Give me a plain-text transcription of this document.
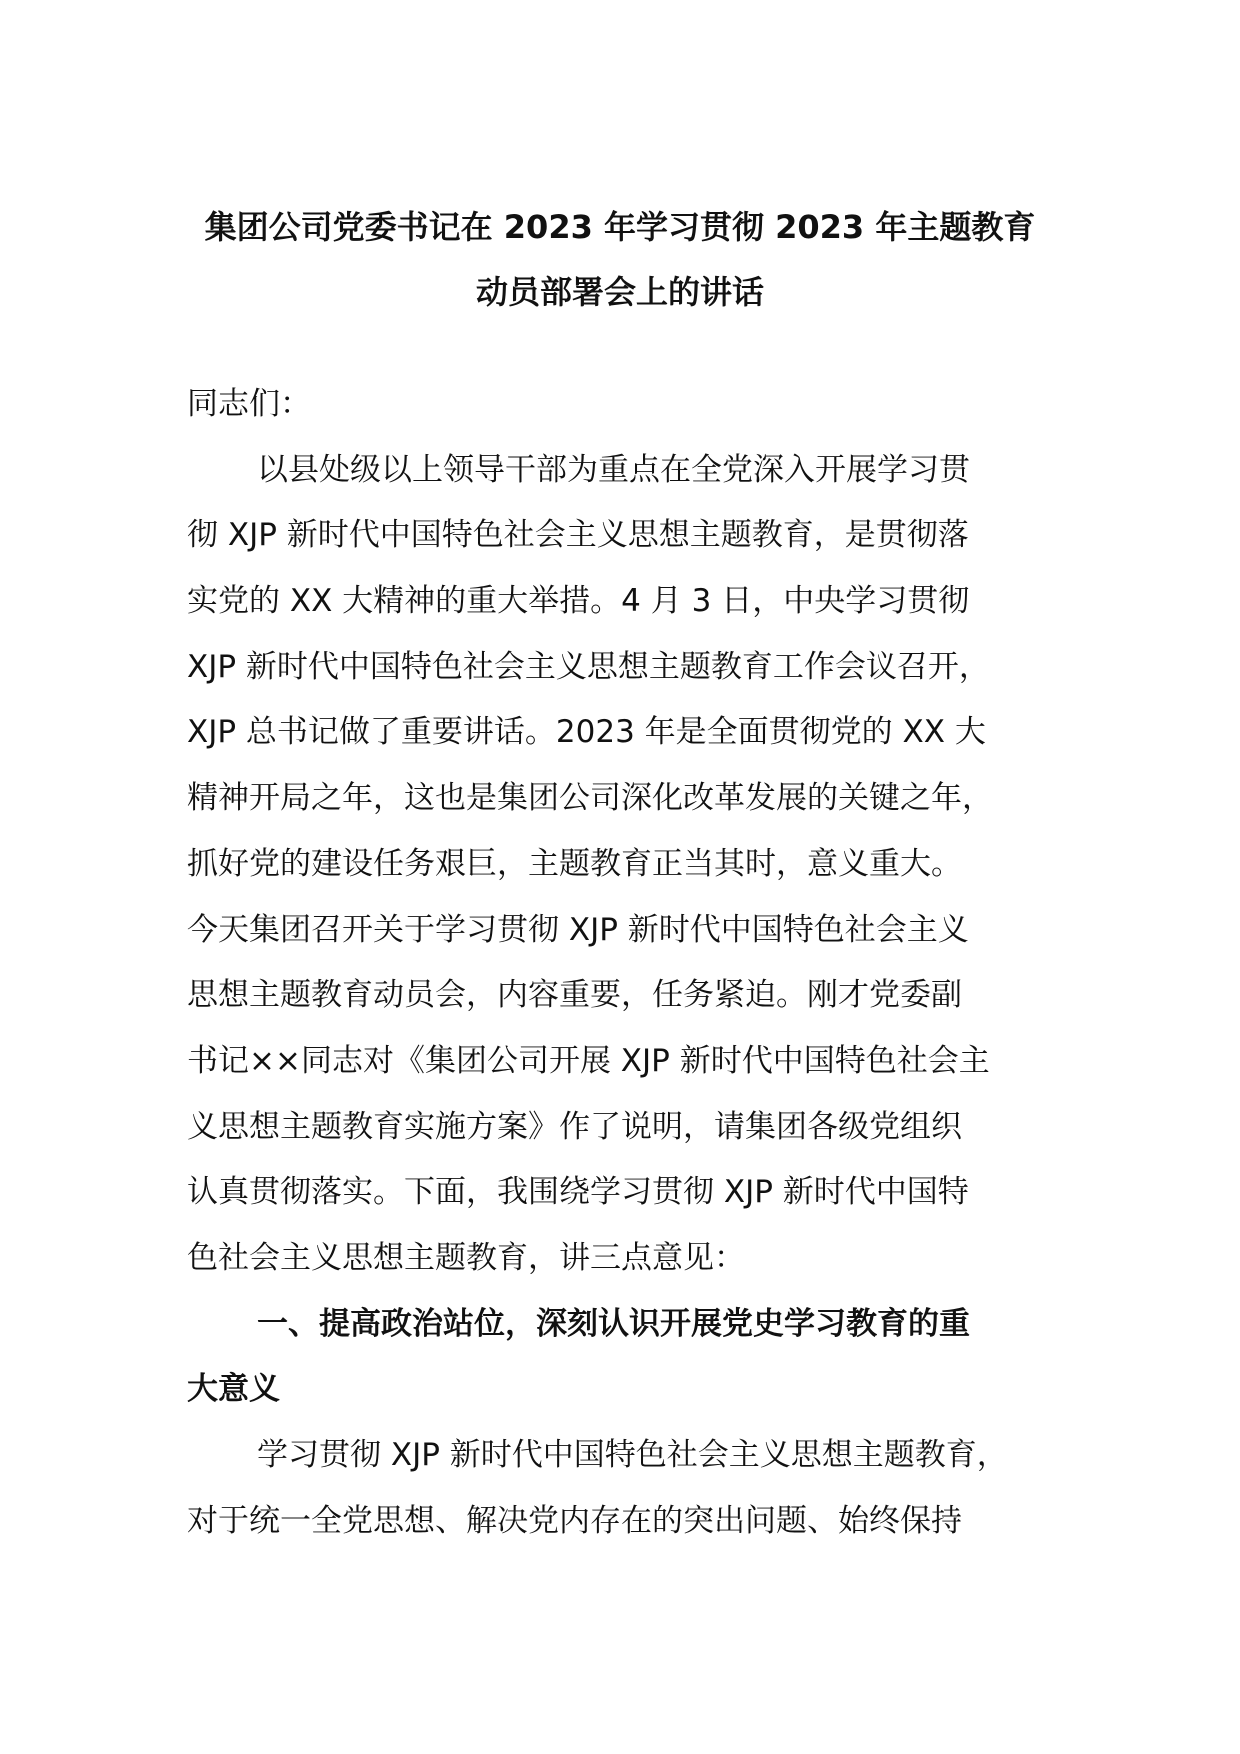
集团公司党委书记在 2023 年学习贯彻 2023 年主题教育
动员部署会上的讲话
同志们：
以县处级以上领导干部为重点在全党深入开展学习贯
彻 XJP 新时代中国特色社会主义思想主题教育，是贯彻落
实党的 XX 大精神的重大举措。4 月 3 日，中央学习贯彻
XJP 新时代中国特色社会主义思想主题教育工作会议召开，
XJP 总书记做了重要讲话。2023 年是全面贯彻党的 XX 大
精神开局之年，这也是集团公司深化改革发展的关键之年，
抓好党的建设任务艰巨，主题教育正当其时，意义重大。
今天集团召开关于学习贯彻 XJP 新时代中国特色社会主义
思想主题教育动员会，内容重要，任务紧迫。刚才党委副
书记××同志对《集团公司开展 XJP 新时代中国特色社会主
义思想主题教育实施方案》作了说明，请集团各级党组织
认真贯彻落实。下面，我围绕学习贯彻 XJP 新时代中国特
色社会主义思想主题教育，讲三点意见：
一、提高政治站位，深刻认识开展党史学习教育的重
大意义
学习贯彻 XJP 新时代中国特色社会主义思想主题教育，
对于统一全党思想、解决党内存在的突出问题、始终保持
